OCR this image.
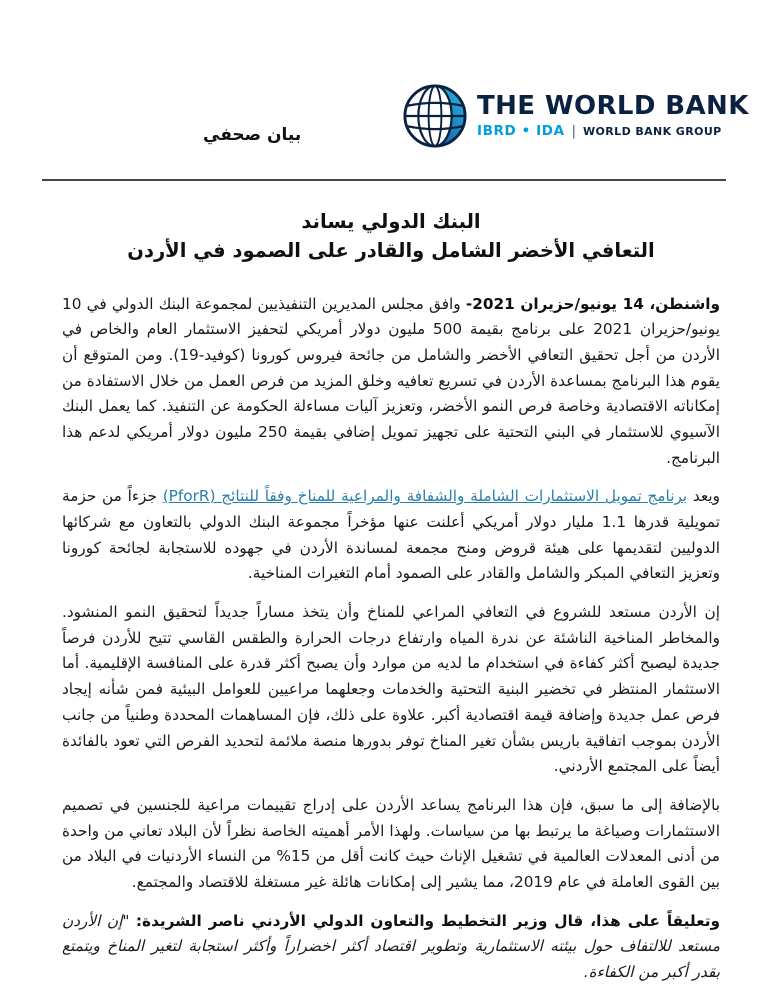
بيان صحفي
THE WORLD BANK
IBRD • IDA | WORLD BANK GROUP
البنك الدولي يساند
التعافي الأخضر الشامل والقادر على الصمود في الأردن

واشنطن، 14 يونيو/حزيران 2021- وافق مجلس المديرين التنفيذيين لمجموعة البنك الدولي في 10 يونيو/حزيران 2021 على برنامج بقيمة 500 مليون دولار أمريكي لتحفيز الاستثمار العام والخاص في الأردن من أجل تحقيق التعافي الأخضر والشامل من جائحة فيروس كورونا (كوفيد-19). ومن المتوقع أن يقوم هذا البرنامج بمساعدة الأردن في تسريع تعافيه وخلق المزيد من فرص العمل من خلال الاستفادة من إمكاناته الاقتصادية وخاصة فرص النمو الأخضر، وتعزيز آليات مساءلة الحكومة عن التنفيذ. كما يعمل البنك الآسيوي للاستثمار في البني التحتية على تجهيز تمويل إضافي بقيمة 250 مليون دولار أمريكي لدعم هذا البرنامج.

ويعد برنامج تمويل الاستثمارات الشاملة والشفافة والمراعية للمناخ وفقاً للنتائج (PforR) جزءاً من حزمة تمويلية قدرها 1.1 مليار دولار أمريكي أعلنت عنها مؤخراً مجموعة البنك الدولي بالتعاون مع شركائها الدوليين لتقديمها على هيئة قروض ومنح مجمعة لمساندة الأردن في جهوده للاستجابة لجائحة كورونا وتعزيز التعافي المبكر والشامل والقادر على الصمود أمام التغيرات المناخية.

إن الأردن مستعد للشروع في التعافي المراعي للمناخ وأن يتخذ مساراً جديداً لتحقيق النمو المنشود. والمخاطر المناخية الناشئة عن ندرة المياه وارتفاع درجات الحرارة والطقس القاسي تتيح للأردن فرصاً جديدة ليصبح أكثر كفاءة في استخدام ما لديه من موارد وأن يصبح أكثر قدرة على المنافسة الإقليمية. أما الاستثمار المنتظر في تخضير البنية التحتية والخدمات وجعلهما مراعيين للعوامل البيئية فمن شأنه إيجاد فرص عمل جديدة وإضافة قيمة اقتصادية أكبر. علاوة على ذلك، فإن المساهمات المحددة وطنياً من جانب الأردن بموجب اتفاقية باريس بشأن تغير المناخ توفر بدورها منصة ملائمة لتحديد الفرص التي تعود بالفائدة أيضاً على المجتمع الأردني.

بالإضافة إلى ما سبق، فإن هذا البرنامج يساعد الأردن على إدراج تقييمات مراعية للجنسين في تصميم الاستثمارات وصياغة ما يرتبط بها من سياسات. ولهذا الأمر أهميته الخاصة نظراً لأن البلاد تعاني من واحدة من أدنى المعدلات العالمية في تشغيل الإناث حيث كانت أقل من 15% من النساء الأردنيات في البلاد من بين القوى العاملة في عام 2019، مما يشير إلى إمكانات هائلة غير مستغلة للاقتصاد والمجتمع.

وتعليقاً على هذا، قال وزير التخطيط والتعاون الدولي الأردني ناصر الشريدة: "إن الأردن مستعد للالتفاف حول بيئته الاستثمارية وتطوير اقتصاد أكثر اخضراراً وأكثر استجابة لتغير المناخ ويتمتع بقدر أكبر من الكفاءة.
